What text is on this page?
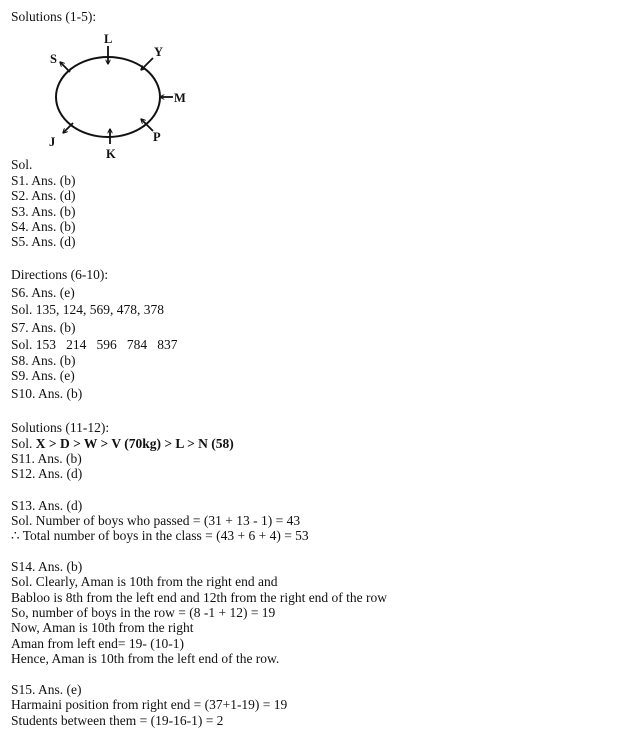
Solutions (1-5):
L
Y
M
P
K
J
S
Sol.
S1. Ans. (b)
S2. Ans. (d)
S3. Ans. (b)
S4. Ans. (b)
S5. Ans. (d)
Directions (6-10):
S6. Ans. (e)
Sol. 135, 124, 569, 478, 378
S7. Ans. (b)
Sol. 153   214   596   784   837
S8. Ans. (b)
S9. Ans. (e)
S10. Ans. (b)
Solutions (11-12):
Sol. X > D > W > V (70kg) > L > N (58)
S11. Ans. (b)
S12. Ans. (d)
S13. Ans. (d)
Sol. Number of boys who passed = (31 + 13 - 1) = 43
∴ Total number of boys in the class = (43 + 6 + 4) = 53
S14. Ans. (b)
Sol. Clearly, Aman is 10th from the right end and
Babloo is 8th from the left end and 12th from the right end of the row
So, number of boys in the row = (8 -1 + 12) = 19
Now, Aman is 10th from the right
Aman from left end= 19- (10-1)
Hence, Aman is 10th from the left end of the row.
S15. Ans. (e)
Harmaini position from right end = (37+1-19) = 19
Students between them = (19-16-1) = 2
